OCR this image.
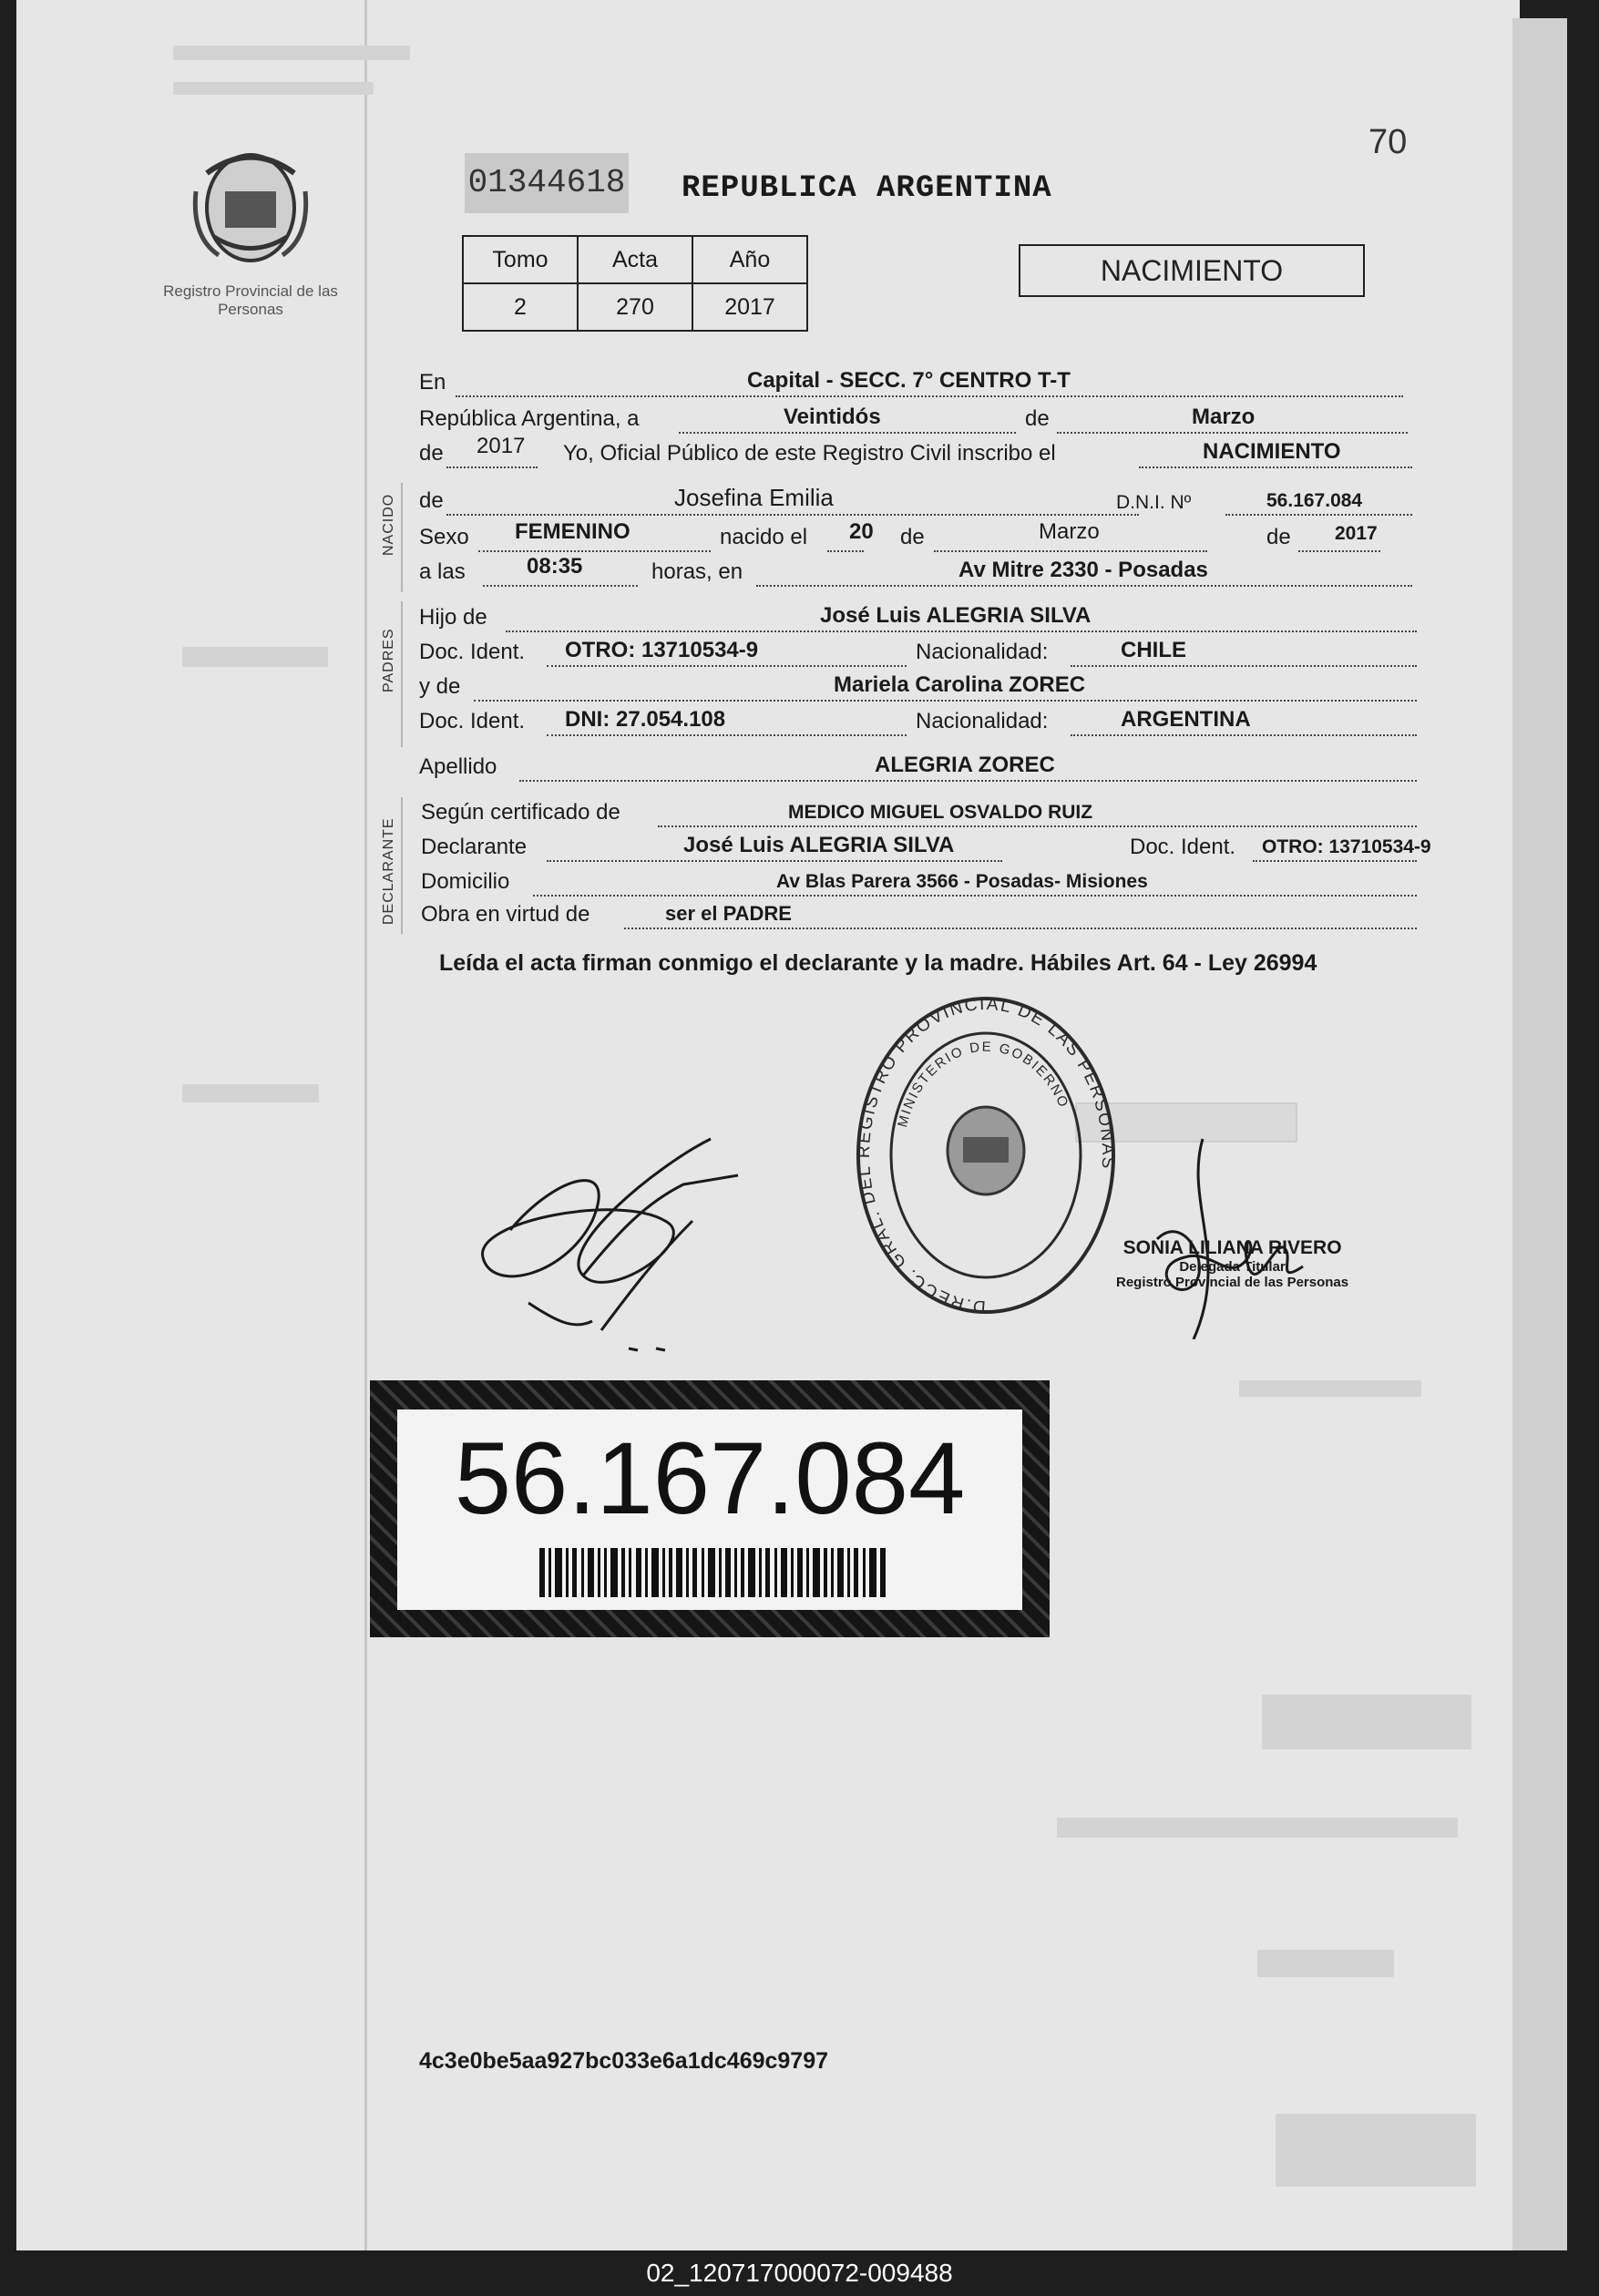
Registro Provincial de las Personas
01344618 REPUBLICA ARGENTINA
70
Tomo	Acta	Año
2	270	2017
NACIMIENTO
NACIDO
PADRES
DECLARANTE
En	Capital - SECC. 7° CENTRO T-T
República Argentina, a	Veintidós	de	Marzo
de 2017 Yo, Oficial Público de este Registro Civil inscribo el	NACIMIENTO
de	Josefina Emilia	D.N.I. Nº	56.167.084
Sexo FEMENINO	nacido el 20 de	Marzo	de 2017
a las	08:35	horas, en	Av Mitre 2330 - Posadas
Hijo de	José Luis ALEGRIA SILVA
Doc. Ident. OTRO: 13710534-9	Nacionalidad:	CHILE
y de	Mariela Carolina ZOREC
Doc. Ident. DNI: 27.054.108	Nacionalidad:	ARGENTINA
Apellido	ALEGRIA ZOREC
Según certificado de	MEDICO MIGUEL OSVALDO RUIZ
Declarante	José Luis ALEGRIA SILVA	Doc. Ident. OTRO: 13710534-9
Domicilio	Av Blas Parera 3566 - Posadas- Misiones
Obra en virtud de	ser el PADRE
Leída el acta firman conmigo el declarante y la madre. Hábiles Art. 64 - Ley 26994
D.RECC. GRAL. DEL REGISTRO PROVINCIAL DE LAS PERSONAS
MINISTERIO DE GOBIERNO
SONIA LILIANA RIVERO
Delegada Titular
Registro Provincial de las Personas
56.167.084
4c3e0be5aa927bc033e6a1dc469c9797
02_120717000072-009488
